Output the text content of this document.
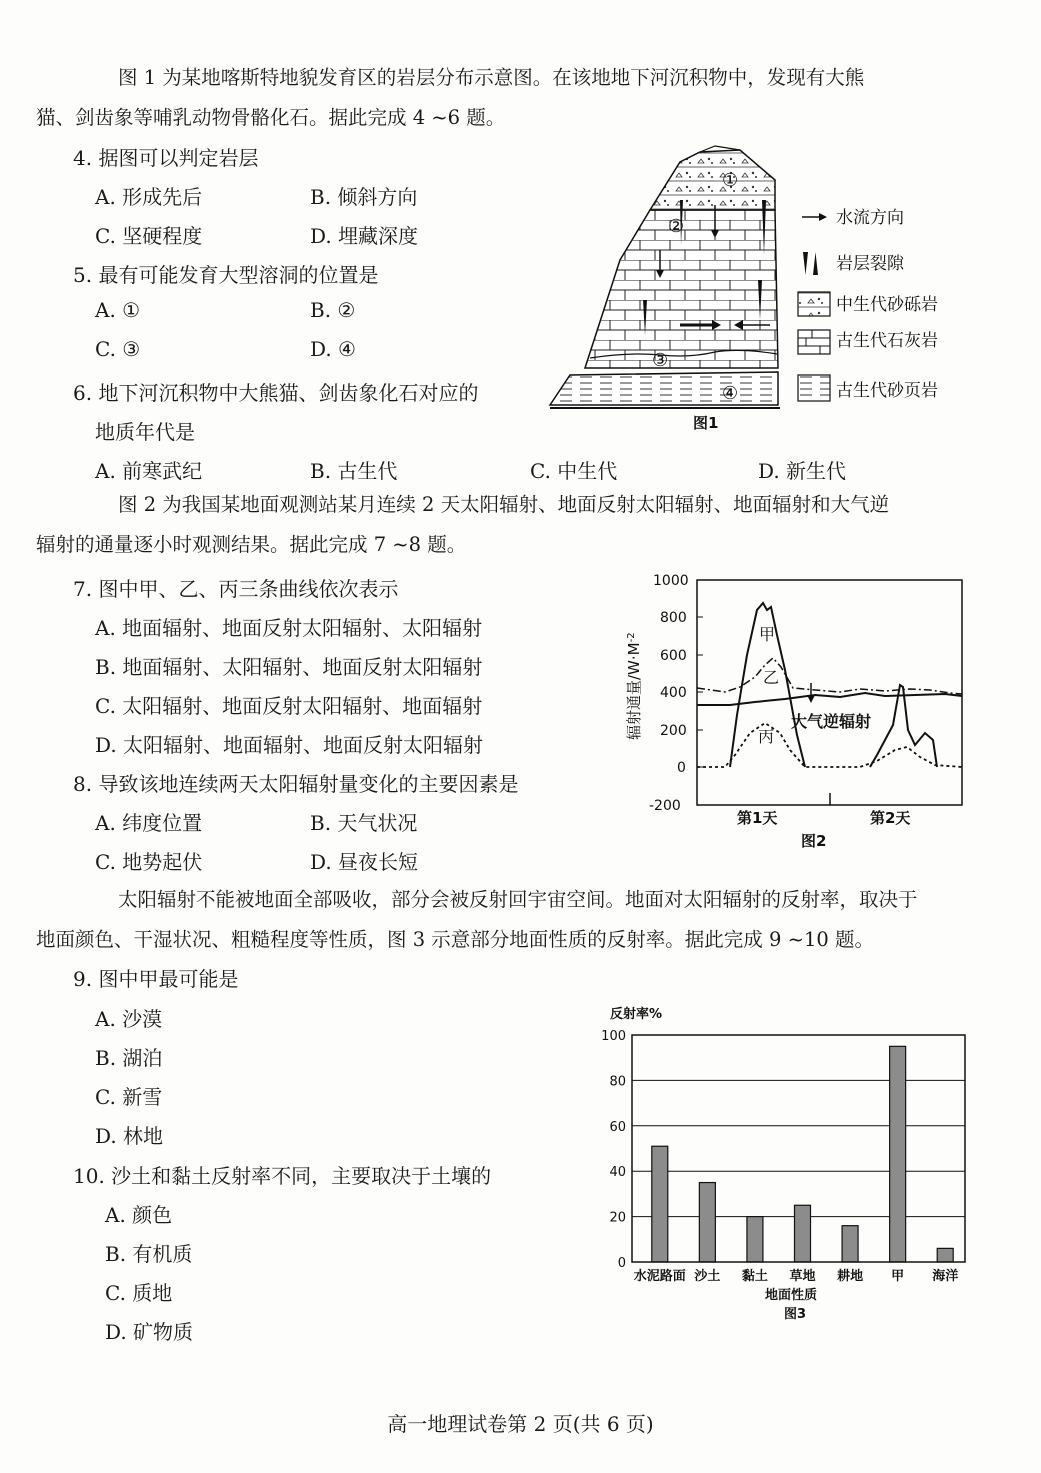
图 1 为某地喀斯特地貌发育区的岩层分布示意图。在该地地下河沉积物中，发现有大熊
猫、剑齿象等哺乳动物骨骼化石。据此完成 4 ~6 题。
4. 据图可以判定岩层
A. 形成先后	B. 倾斜方向
C. 坚硬程度	D. 埋藏深度
5. 最有可能发育大型溶洞的位置是
A. ①	B. ②
C. ③	D. ④
6. 地下河沉积物中大熊猫、剑齿象化石对应的
地质年代是
A. 前寒武纪	B. 古生代	C. 中生代	D. 新生代
①
②
③
④
水流方向
岩层裂隙
中生代砂砾岩
古生代石灰岩
古生代砂页岩
图1
图 2 为我国某地面观测站某月连续 2 天太阳辐射、地面反射太阳辐射、地面辐射和大气逆
辐射的通量逐小时观测结果。据此完成 7 ~8 题。
7. 图中甲、乙、丙三条曲线依次表示
A. 地面辐射、地面反射太阳辐射、太阳辐射
B. 地面辐射、太阳辐射、地面反射太阳辐射
C. 太阳辐射、地面反射太阳辐射、地面辐射
D. 太阳辐射、地面辐射、地面反射太阳辐射
8. 导致该地连续两天太阳辐射量变化的主要因素是
A. 纬度位置	B. 天气状况
C. 地势起伏	D. 昼夜长短
辐射通量$/W\cdot M^{-2}$
1000
800
600
400
200
0
-200
甲
乙
丙
大气逆辐射
第1天	第2天
图2
太阳辐射不能被地面全部吸收，部分会被反射回宇宙空间。地面对太阳辐射的反射率，取决于
地面颜色、干湿状况、粗糙程度等性质，图 3 示意部分地面性质的反射率。据此完成 9 ~10 题。
9. 图中甲最可能是
A. 沙漠
B. 湖泊
C. 新雪
D. 林地
10. 沙土和黏土反射率不同，主要取决于土壤的
A. 颜色
B. 有机质
C. 质地
D. 矿物质
反射率%
0
20
40
60
80
100
水泥路面 沙土 黏土 草地 耕地 甲 海洋
地面性质
图3
高一地理试卷第 2 页(共 6 页)
